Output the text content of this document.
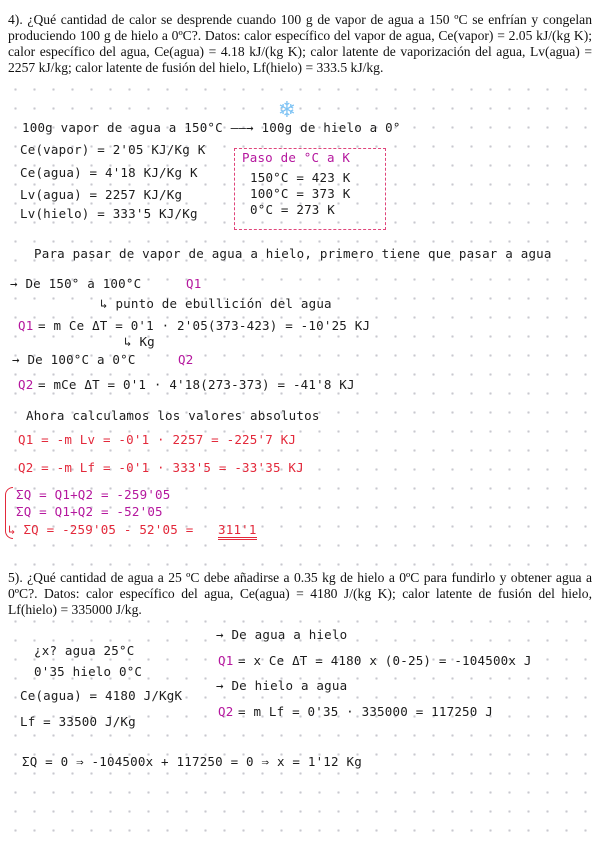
4). ¿Qué cantidad de calor se desprende cuando 100 g de vapor de agua a 150 ºC se enfrían y congelan produciendo 100 g de hielo a 0ºC?. Datos: calor específico del vapor de agua, Ce(vapor) = 2.05 kJ/(kg K); calor específico del agua, Ce(agua) = 4.18 kJ/(kg K); calor latente de vaporización del agua, Lv(agua) = 2257 kJ/kg; calor latente de fusión del hielo, Lf(hielo) = 333.5 kJ/kg.
❄
100g vapor de agua a 150°C ——→ 100g de hielo a 0°
Ce(vapor) = 2'05 KJ/Kg K
Ce(agua) = 4'18 KJ/Kg K
Lv(agua) = 2257 KJ/Kg
Lv(hielo) = 333'5 KJ/Kg
Paso de °C a K
150°C = 423 K
100°C = 373 K
0°C = 273 K
Para pasar de vapor de agua a hielo, primero tiene que pasar a agua
→ De 150° a 100°C	Q1
↳ punto de ebullición del agua
Q1 = m Ce ΔT = 0'1 · 2'05(373-423) = -10'25 KJ
↳ Kg
→ De 100°C a 0°C	Q2
Q2 = mCe ΔT = 0'1 · 4'18(273-373) = -41'8 KJ
Ahora calculamos los valores absolutos
Q1 = -m Lv = -0'1 · 2257 = -225'7 KJ
Q2 = -m Lf = -0'1 · 333'5 = -33'35 KJ
ΣQ = Q1+Q2 = -259'05
ΣQ = Q1+Q2 = -52'05
↳ ΣQ = -259'05 - 52'05 = 311'1
5). ¿Qué cantidad de agua a 25 ºC debe añadirse a 0.35 kg de hielo a 0ºC para fundirlo y obtener agua a 0ºC?. Datos: calor específico del agua, Ce(agua) = 4180 J/(kg K); calor latente de fusión del hielo, Lf(hielo) = 335000 J/kg.
¿x? agua 25°C
0'35 hielo 0°C
Ce(agua) = 4180 J/KgK
Lf = 33500 J/Kg
→ De agua a hielo
Q1 = x Ce ΔT = 4180 x (0-25) = -104500x J
→ De hielo a agua
Q2 = m Lf = 0'35 · 335000 = 117250 J
ΣQ = 0 ⇒ -104500x + 117250 = 0 ⇒ x = 1'12 Kg
